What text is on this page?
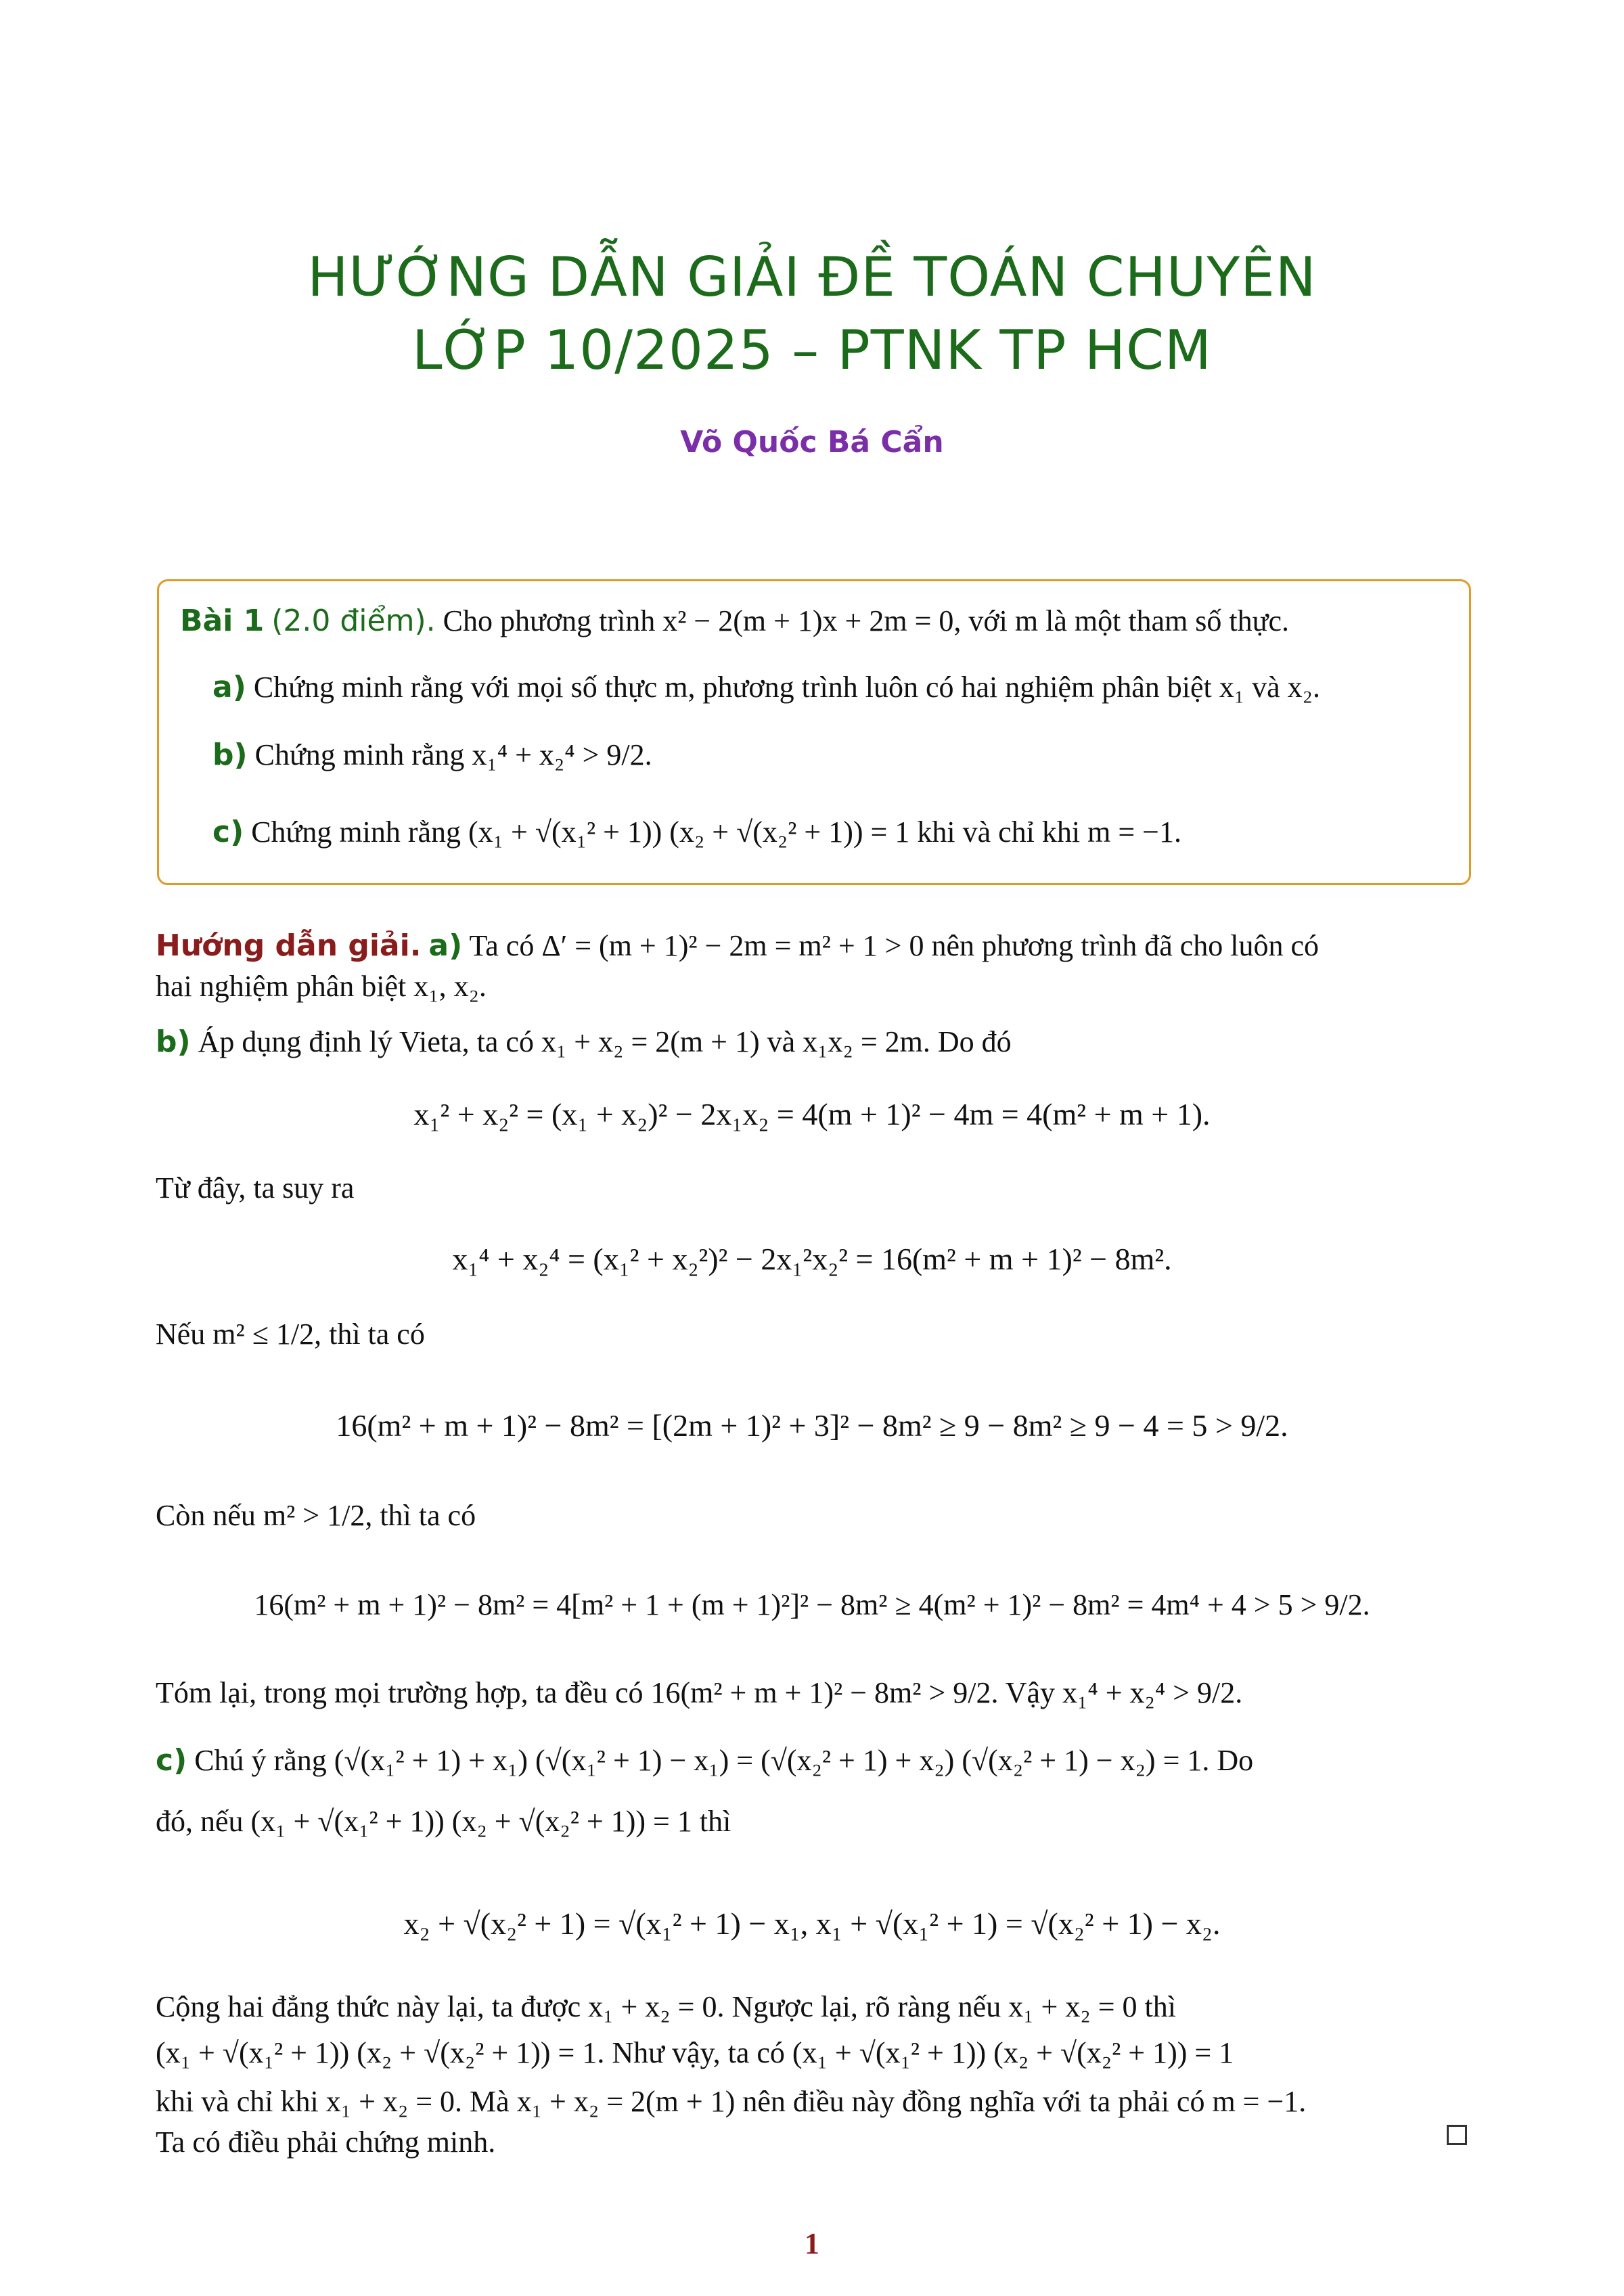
HƯỚNG DẪN GIẢI ĐỀ TOÁN CHUYÊN
LỚP 10/2025 – PTNK TP HCM
Võ Quốc Bá Cẩn
Bài 1 (2.0 điểm). Cho phương trình x² − 2(m + 1)x + 2m = 0, với m là một tham số thực.
a) Chứng minh rằng với mọi số thực m, phương trình luôn có hai nghiệm phân biệt x₁ và x₂.
b) Chứng minh rằng x₁⁴ + x₂⁴ > 9/2.
c) Chứng minh rằng (x₁ + √(x₁² + 1)) (x₂ + √(x₂² + 1)) = 1 khi và chỉ khi m = −1.
Hướng dẫn giải. a) Ta có Δ′ = (m + 1)² − 2m = m² + 1 > 0 nên phương trình đã cho luôn có
hai nghiệm phân biệt x₁, x₂.
b) Áp dụng định lý Vieta, ta có x₁ + x₂ = 2(m + 1) và x₁x₂ = 2m. Do đó
x₁² + x₂² = (x₁ + x₂)² − 2x₁x₂ = 4(m + 1)² − 4m = 4(m² + m + 1).
Từ đây, ta suy ra
x₁⁴ + x₂⁴ = (x₁² + x₂²)² − 2x₁²x₂² = 16(m² + m + 1)² − 8m².
Nếu m² ≤ 1/2, thì ta có
16(m² + m + 1)² − 8m² = [(2m + 1)² + 3]² − 8m² ≥ 9 − 8m² ≥ 9 − 4 = 5 > 9/2.
Còn nếu m² > 1/2, thì ta có
16(m² + m + 1)² − 8m² = 4[m² + 1 + (m + 1)²]² − 8m² ≥ 4(m² + 1)² − 8m² = 4m⁴ + 4 > 5 > 9/2.
Tóm lại, trong mọi trường hợp, ta đều có 16(m² + m + 1)² − 8m² > 9/2. Vậy x₁⁴ + x₂⁴ > 9/2.
c) Chú ý rằng (√(x₁² + 1) + x₁) (√(x₁² + 1) − x₁) = (√(x₂² + 1) + x₂) (√(x₂² + 1) − x₂) = 1. Do
đó, nếu (x₁ + √(x₁² + 1)) (x₂ + √(x₂² + 1)) = 1 thì
x₂ + √(x₂² + 1) = √(x₁² + 1) − x₁, x₁ + √(x₁² + 1) = √(x₂² + 1) − x₂.
Cộng hai đẳng thức này lại, ta được x₁ + x₂ = 0. Ngược lại, rõ ràng nếu x₁ + x₂ = 0 thì
(x₁ + √(x₁² + 1)) (x₂ + √(x₂² + 1)) = 1. Như vậy, ta có (x₁ + √(x₁² + 1)) (x₂ + √(x₂² + 1)) = 1
khi và chỉ khi x₁ + x₂ = 0. Mà x₁ + x₂ = 2(m + 1) nên điều này đồng nghĩa với ta phải có m = −1.
Ta có điều phải chứng minh.
1
